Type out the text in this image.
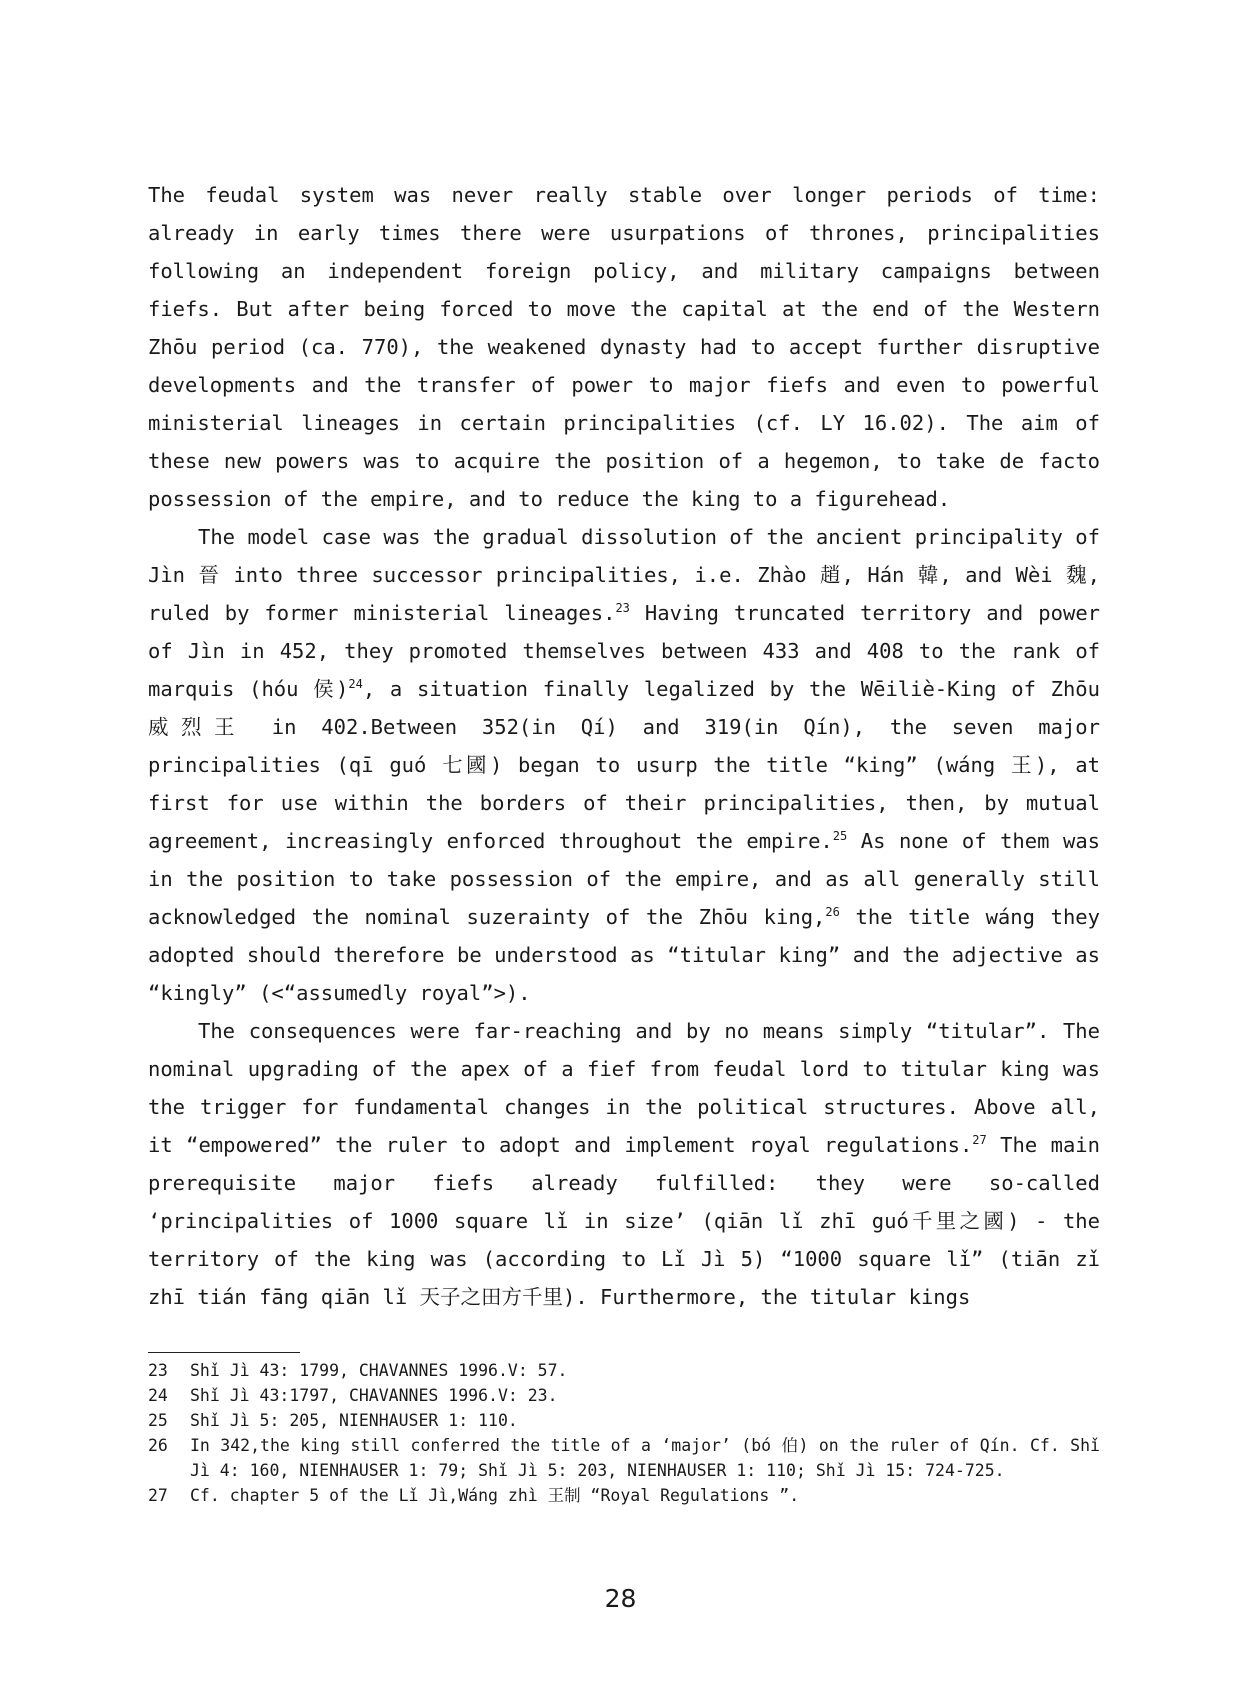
The feudal system was never really stable over longer periods of time: already in early times there were usurpations of thrones, principalities following an independent foreign policy, and military campaigns between fiefs. But after being forced to move the capital at the end of the Western Zhōu period (ca. 770), the weakened dynasty had to accept further disruptive developments and the transfer of power to major fiefs and even to powerful ministerial lineages in certain principalities (cf. LY 16.02). The aim of these new powers was to acquire the position of a hegemon, to take de facto possession of the empire, and to reduce the king to a figurehead.

The model case was the gradual dissolution of the ancient principality of Jìn 晉 into three successor principalities, i.e. Zhào 趙, Hán 韓, and Wèi 魏, ruled by former ministerial lineages.$^{23}$ Having truncated territory and power of Jìn in 452, they promoted themselves between 433 and 408 to the rank of marquis (hóu 侯)$^{24}$, a situation finally legalized by the Wēiliè-King of Zhōu 威烈王 in 402.Between 352(in Qí) and 319(in Qín), the seven major principalities (qī guó 七國) began to usurp the title “king” (wáng 王), at first for use within the borders of their principalities, then, by mutual agreement, increasingly enforced throughout the empire.$^{25}$ As none of them was in the position to take possession of the empire, and as all generally still acknowledged the nominal suzerainty of the Zhōu king,$^{26}$ the title wáng they adopted should therefore be understood as “titular king” and the adjective as “kingly” (<“assumedly royal”>).

The consequences were far-reaching and by no means simply “titular”. The nominal upgrading of the apex of a fief from feudal lord to titular king was the trigger for fundamental changes in the political structures. Above all, it “empowered” the ruler to adopt and implement royal regulations.$^{27}$ The main prerequisite major fiefs already fulfilled: they were so-called ‘principalities of 1000 square lǐ in size’ (qiān lǐ zhī guó千里之國) - the territory of the king was (according to Lǐ Jì 5) “1000 square lǐ” (tiān zǐ zhī tián fāng qiān lǐ 天子之田方千里). Furthermore, the titular kings

23	Shǐ Jì 43: 1799, CHAVANNES 1996.V: 57.

24	Shǐ Jì 43:1797, CHAVANNES 1996.V: 23.

25	Shǐ Jì 5: 205, NIENHAUSER 1: 110.

26	In 342,the king still conferred the title of a ‘major’ (bó 伯) on the ruler of Qín. Cf. Shǐ Jì 4: 160, NIENHAUSER 1: 79; Shǐ Jì 5: 203, NIENHAUSER 1: 110; Shǐ Jì 15: 724-725.

27	Cf. chapter 5 of the Lǐ Jì,Wáng zhì 王制 “Royal Regulations ”.

28
